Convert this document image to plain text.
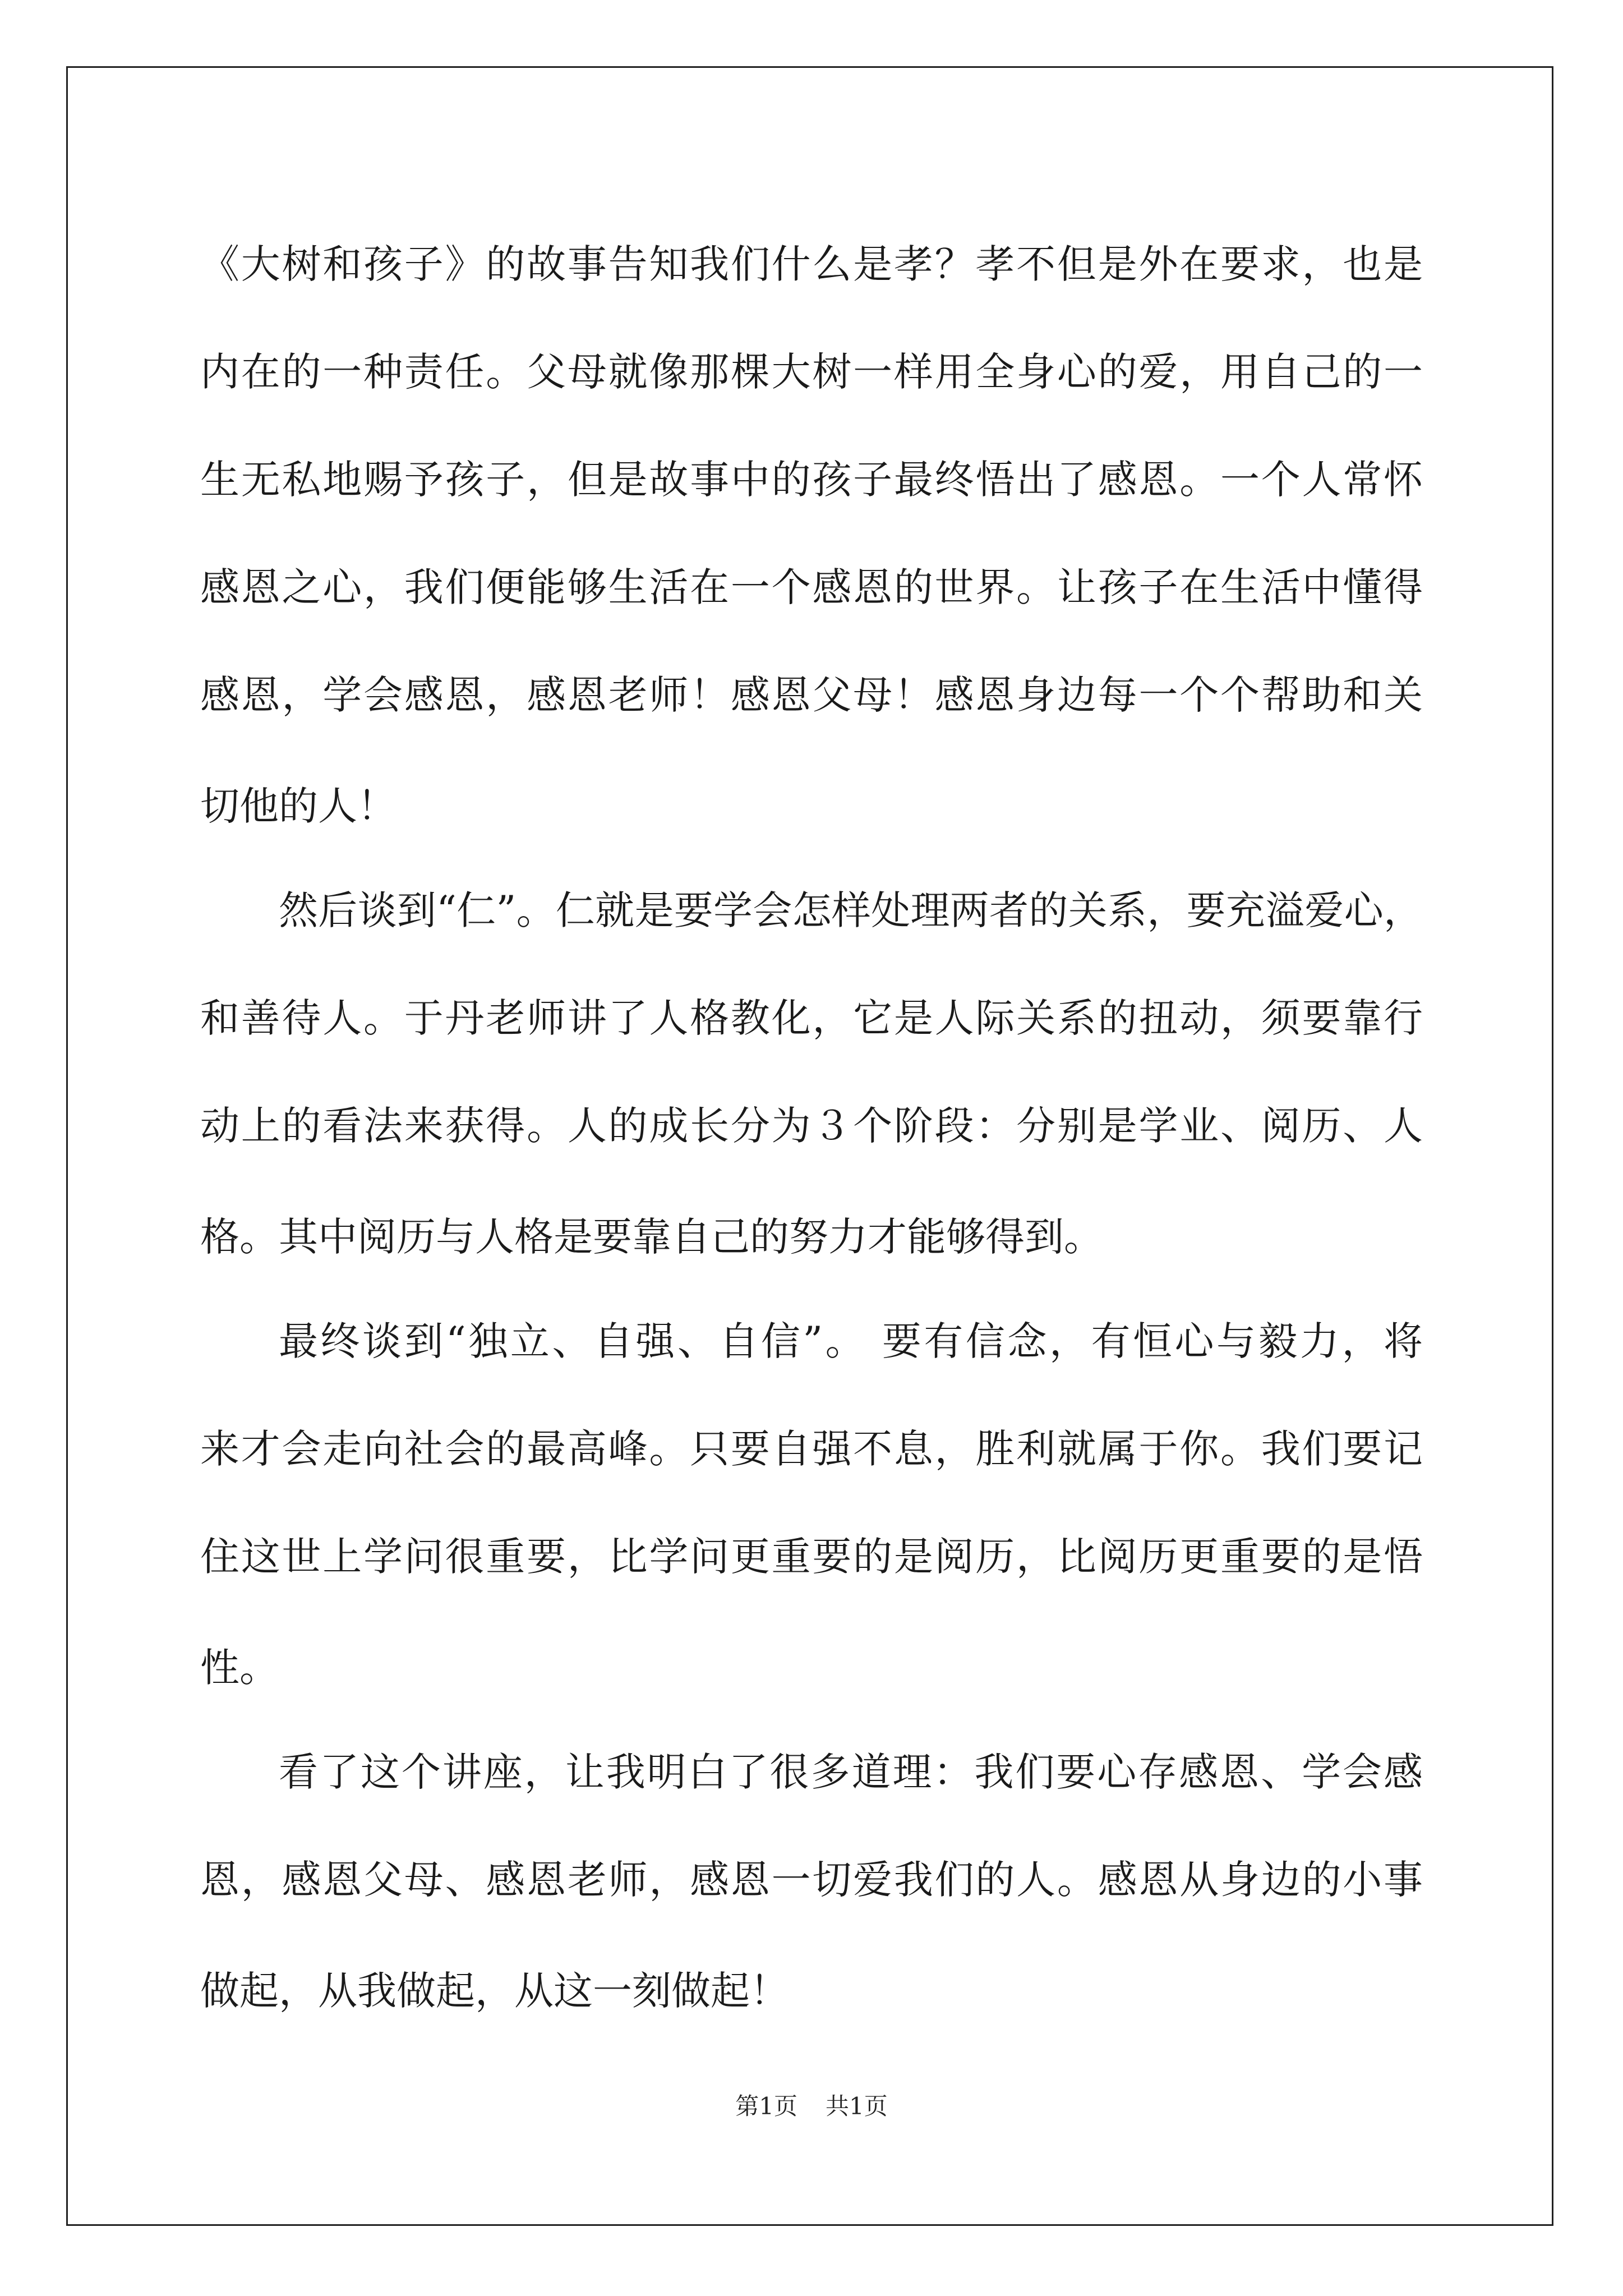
《大树和孩子》的故事告知我们什么是孝？孝不但是外在要求，也是
内在的一种责任。父母就像那棵大树一样用全身心的爱，用自己的一
生无私地赐予孩子，但是故事中的孩子最终悟出了感恩。一个人常怀
感恩之心，我们便能够生活在一个感恩的世界。让孩子在生活中懂得
感恩，学会感恩，感恩老师！感恩父母！感恩身边每一个个帮助和关
切他的人！
然后谈到“仁”。仁就是要学会怎样处理两者的关系，要充溢爱心，
和善待人。于丹老师讲了人格教化，它是人际关系的扭动，须要靠行
动上的看法来获得。人的成长分为３个阶段：分别是学业、阅历、人
格。其中阅历与人格是要靠自己的努力才能够得到。
最终谈到“独立、自强、自信”。 要有信念，有恒心与毅力，将
来才会走向社会的最高峰。只要自强不息，胜利就属于你。我们要记
住这世上学问很重要，比学问更重要的是阅历，比阅历更重要的是悟
性。
看了这个讲座，让我明白了很多道理：我们要心存感恩、学会感
恩，感恩父母、感恩老师，感恩一切爱我们的人。感恩从身边的小事
做起，从我做起，从这一刻做起！
第1页 共1页
